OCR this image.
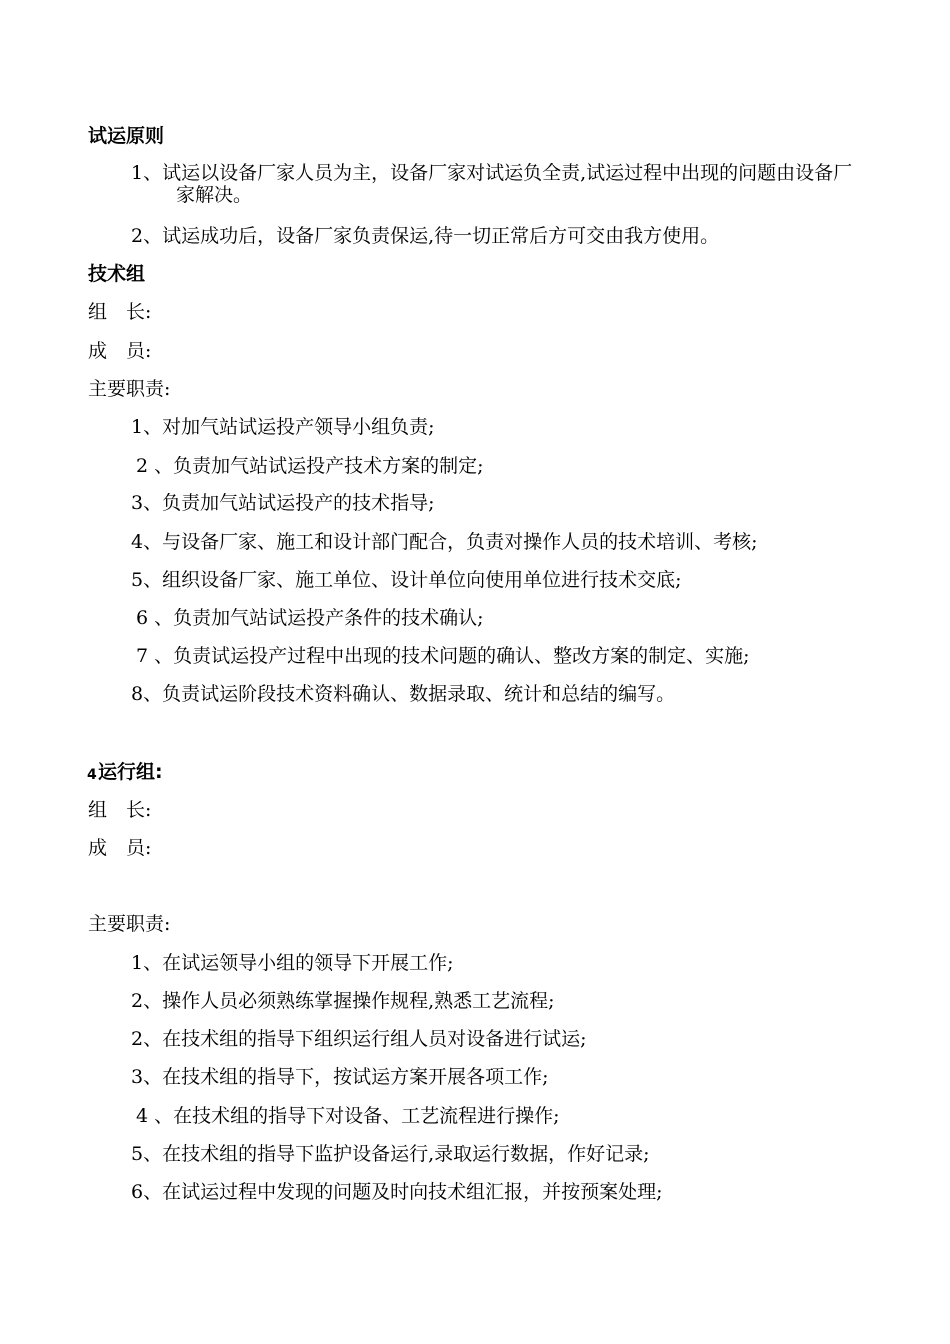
试运原则
1、试运以设备厂家人员为主，设备厂家对试运负全责,试运过程中出现的问题由设备厂家解决。
2、试运成功后，设备厂家负责保运,待一切正常后方可交由我方使用。
技术组
组　长:
成　员:
主要职责:
1、对加气站试运投产领导小组负责;
2 、负责加气站试运投产技术方案的制定;
3、负责加气站试运投产的技术指导;
4、与设备厂家、施工和设计部门配合，负责对操作人员的技术培训、考核;
5、组织设备厂家、施工单位、设计单位向使用单位进行技术交底;
6 、负责加气站试运投产条件的技术确认;
7 、负责试运投产过程中出现的技术问题的确认、整改方案的制定、实施;
8、负责试运阶段技术资料确认、数据录取、统计和总结的编写。
4 运行组:
组　长:
成　员:
主要职责:
1、在试运领导小组的领导下开展工作;
2、操作人员必须熟练掌握操作规程,熟悉工艺流程;
2、在技术组的指导下组织运行组人员对设备进行试运;
3、在技术组的指导下，按试运方案开展各项工作;
4 、在技术组的指导下对设备、工艺流程进行操作;
5、在技术组的指导下监护设备运行,录取运行数据，作好记录;
6、在试运过程中发现的问题及时向技术组汇报，并按预案处理;
